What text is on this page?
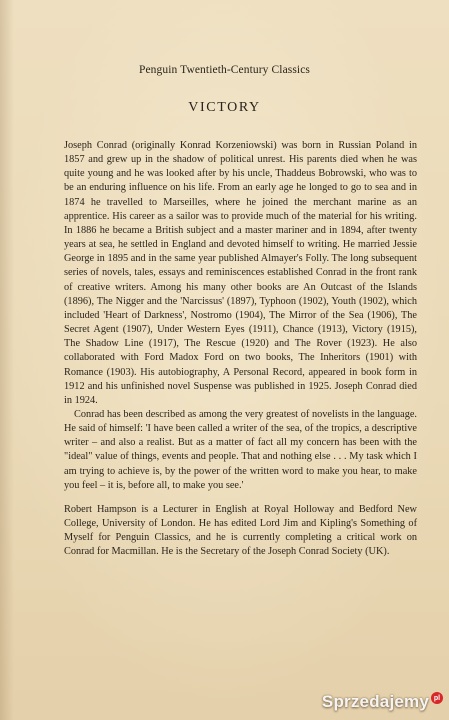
Penguin Twentieth-Century Classics
VICTORY

Joseph Conrad (originally Konrad Korzeniowski) was born in Russian Poland in 1857 and grew up in the shadow of political unrest. His parents died when he was quite young and he was looked after by his uncle, Thaddeus Bobrowski, who was to be an enduring influence on his life. From an early age he longed to go to sea and in 1874 he travelled to Marseilles, where he joined the merchant marine as an apprentice. His career as a sailor was to provide much of the material for his writing. In 1886 he became a British subject and a master mariner and in 1894, after twenty years at sea, he settled in England and devoted himself to writing. He married Jessie George in 1895 and in the same year published Almayer's Folly. The long subsequent series of novels, tales, essays and reminiscences established Conrad in the front rank of creative writers. Among his many other books are An Outcast of the Islands (1896), The Nigger and the 'Narcissus' (1897), Typhoon (1902), Youth (1902), which included 'Heart of Darkness', Nostromo (1904), The Mirror of the Sea (1906), The Secret Agent (1907), Under Western Eyes (1911), Chance (1913), Victory (1915), The Shadow Line (1917), The Rescue (1920) and The Rover (1923). He also collaborated with Ford Madox Ford on two books, The Inheritors (1901) with Romance (1903). His autobiography, A Personal Record, appeared in book form in 1912 and his unfinished novel Suspense was published in 1925. Joseph Conrad died in 1924.

Conrad has been described as among the very greatest of novelists in the language. He said of himself: 'I have been called a writer of the sea, of the tropics, a descriptive writer – and also a realist. But as a matter of fact all my concern has been with the "ideal" value of things, events and people. That and nothing else . . . My task which I am trying to achieve is, by the power of the written word to make you hear, to make you feel – it is, before all, to make you see.'

Robert Hampson is a Lecturer in English at Royal Holloway and Bedford New College, University of London. He has edited Lord Jim and Kipling's Something of Myself for Penguin Classics, and he is currently completing a critical work on Conrad for Macmillan. He is the Secretary of the Joseph Conrad Society (UK).

Sprzedajemy pl
